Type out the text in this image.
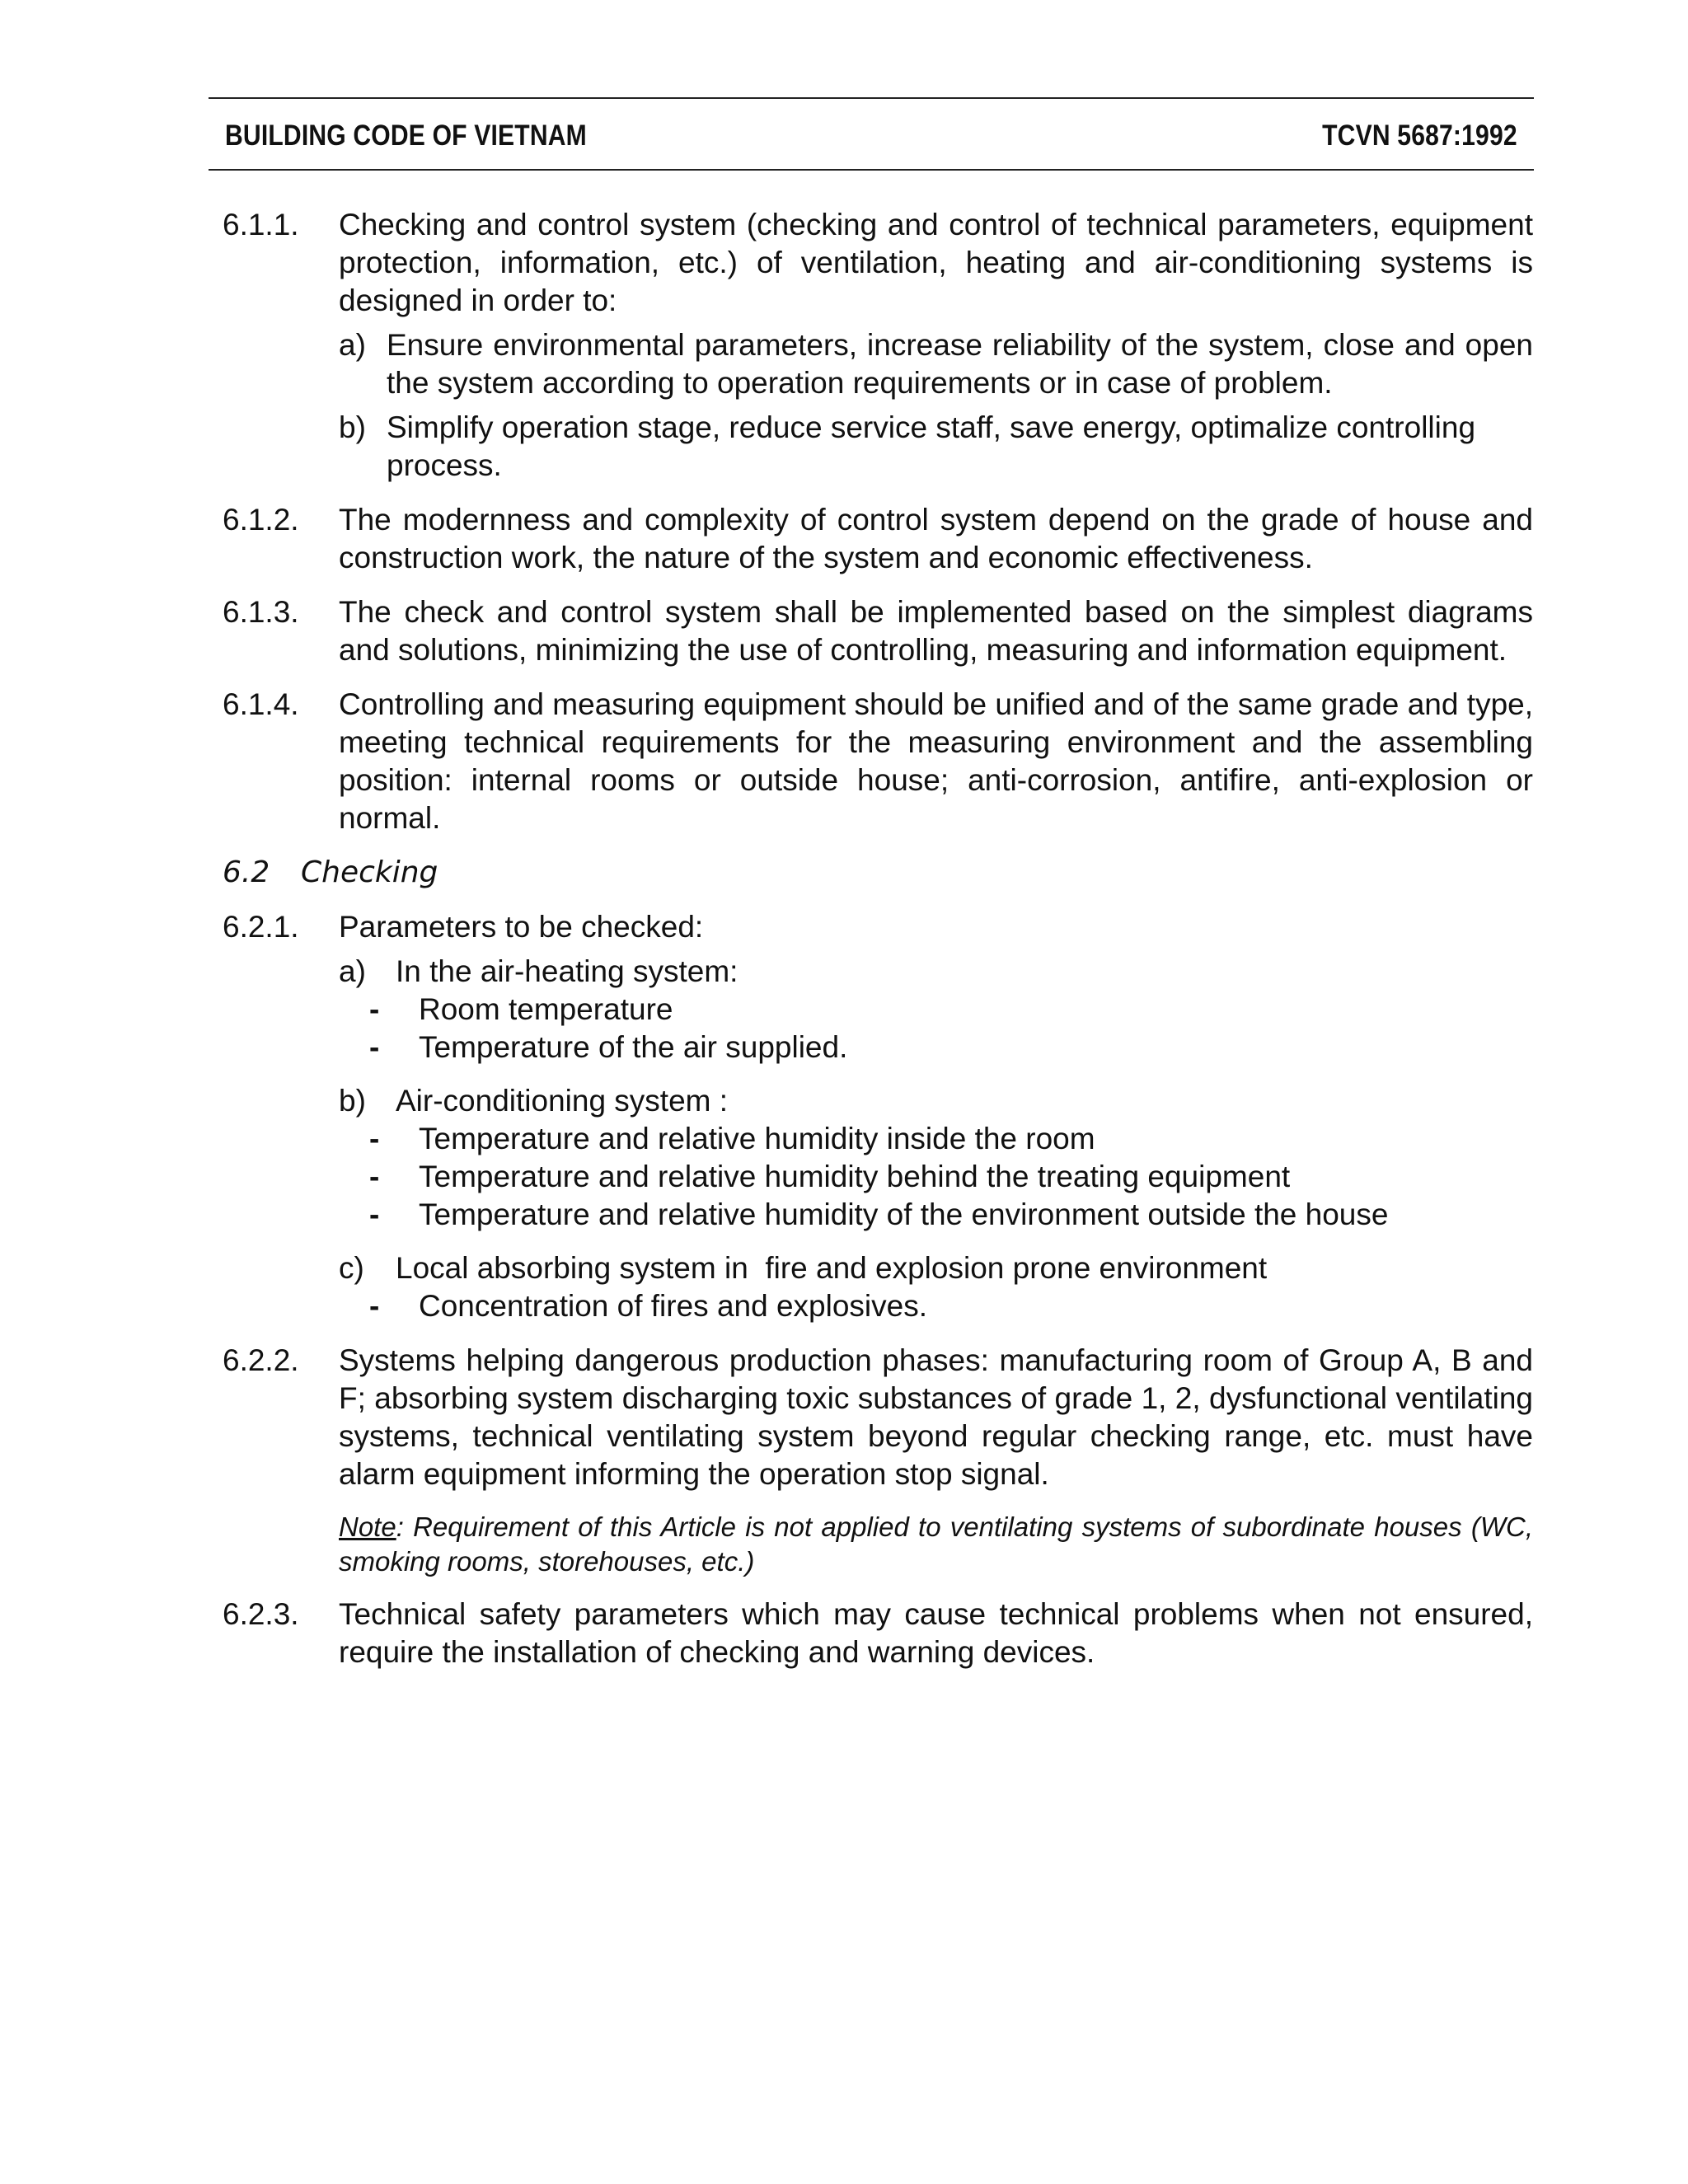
BUILDING CODE OF VIETNAM	TCVN 5687:1992
6.1.1.	Checking and control system (checking and control of technical parameters, equipment protection, information, etc.) of ventilation, heating and air-conditioning systems is designed in order to:
a) Ensure environmental parameters, increase reliability of the system, close and open the system according to operation requirements or in case of problem.
b) Simplify operation stage, reduce service staff, save energy, optimalize controlling process.
6.1.2.	The modernness and complexity of control system depend on the grade of house and construction work, the nature of the system and economic effectiveness.
6.1.3.	The check and control system shall be implemented based on the simplest diagrams and solutions, minimizing the use of controlling, measuring and information equipment.
6.1.4.	Controlling and measuring equipment should be unified and of the same grade and type, meeting technical requirements for the measuring environment and the assembling position: internal rooms or outside house; anti-corrosion, antifire, anti-explosion or normal.
6.2	Checking
6.2.1.	Parameters to be checked:
a) In the air-heating system:
-	Room temperature
-	Temperature of the air supplied.
b) Air-conditioning system :
-	Temperature and relative humidity inside the room
-	Temperature and relative humidity behind the treating equipment
-	Temperature and relative humidity of the environment outside the house
c)	Local absorbing system in  fire and explosion prone environment
-	Concentration of fires and explosives.
6.2.2.	Systems helping dangerous production phases: manufacturing room of Group A, B and F; absorbing system discharging toxic substances of grade 1, 2, dysfunctional ventilating systems, technical ventilating system beyond regular checking range, etc. must have alarm equipment informing the operation stop signal.
Note: Requirement of this Article is not applied to ventilating systems of subordinate houses (WC, smoking rooms, storehouses, etc.)
6.2.3.	Technical safety parameters which may cause technical problems when not ensured, require the installation of checking and warning devices.
